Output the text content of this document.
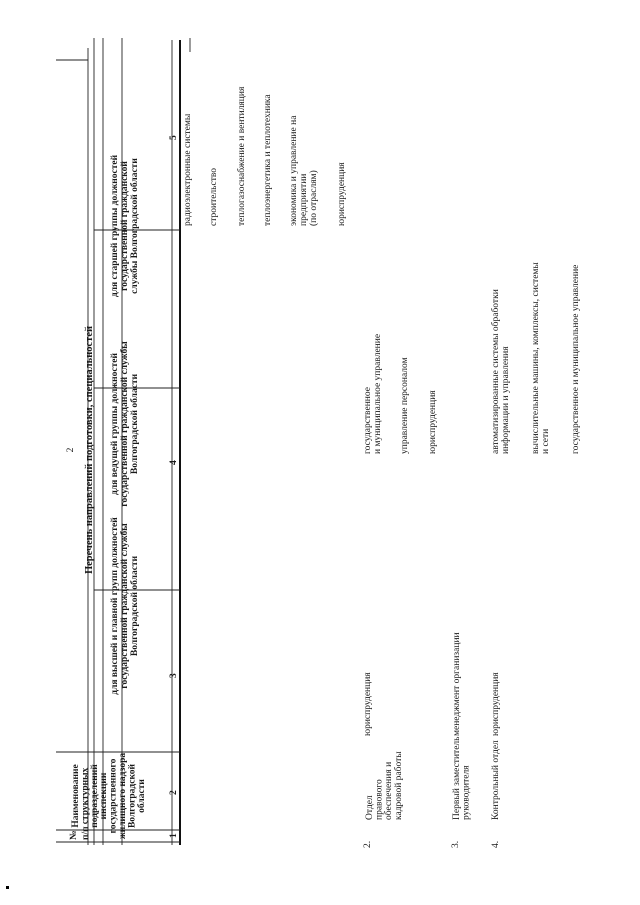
2
№ п/п
Наименование структурных подразделений инспекции государственного жилищного надзора Волгоградской области
Перечень направлений подготовки, специальностей
для высшей и главной групп должностей государственной гражданской службы Волгоградской области
для ведущей группы должностей государственной гражданской службы Волгоградской области
для старшей группы должностей государственной гражданской службы Волгоградской области
1
2
3
4
5 радиоэлектронные системы строительство теплогазоснабжение и вентиляция теплоэнергетика и теплотехника экономика и управление на предприятии (по отраслям) юриспруденция
2.
Отдел правового обеспечения и кадровой работы
юриспруденция
государственное и муниципальное управление управление персоналом юриспруденция
3.
Первый заместитель руководителя
менеджмент организации
4.
Контрольный отдел
юриспруденция
автоматизированные системы обработки информации и управления вычислительные машины, комплексы, системы и сети государственное и муниципальное управление
